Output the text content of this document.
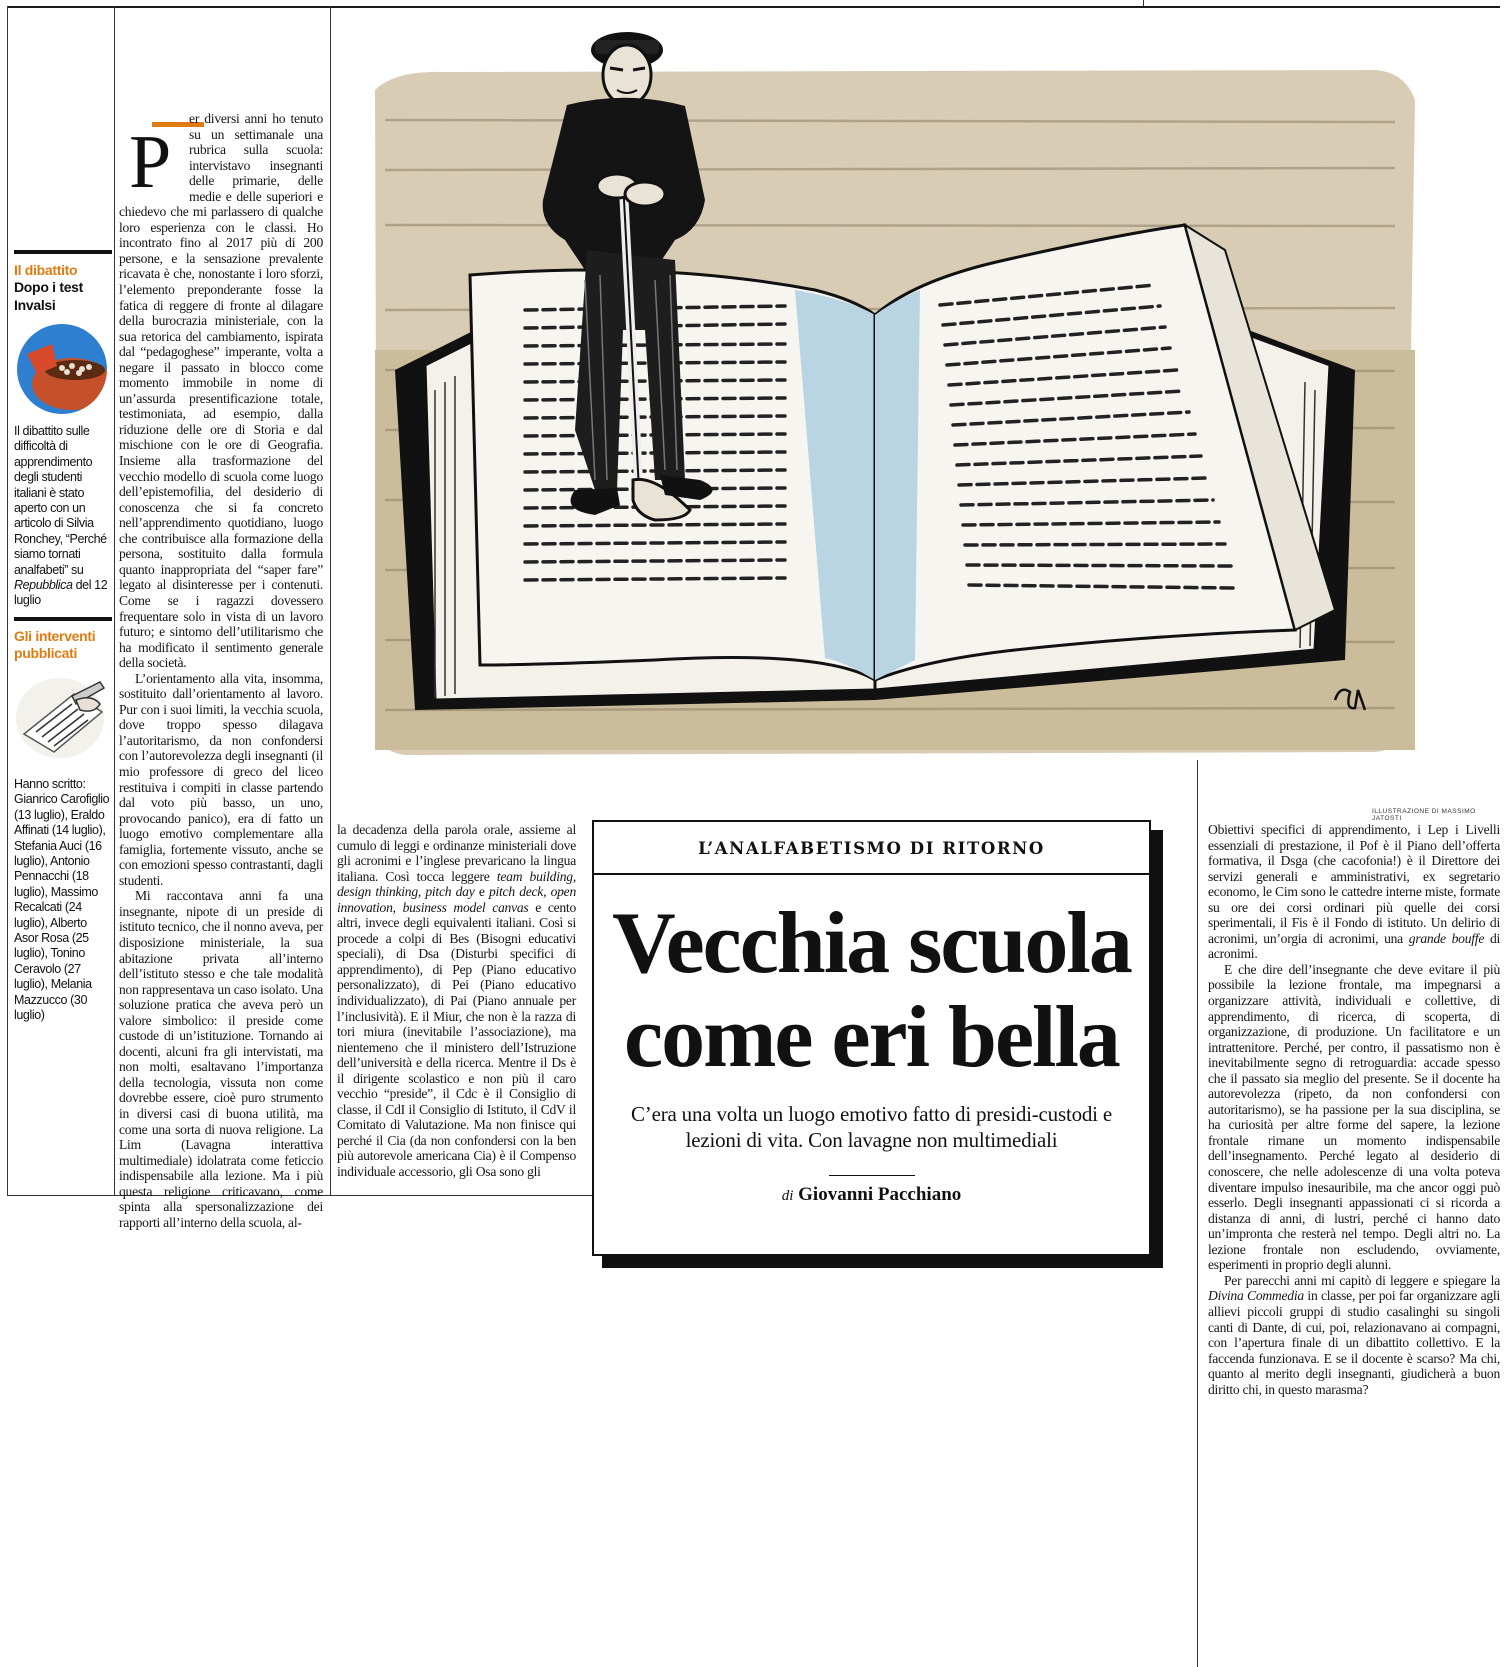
ILLUSTRAZIONE DI MASSIMO JATOSTI
Il dibattito
Dopo i test Invalsi
Il dibattito sulle difficoltà di apprendimento degli studenti italiani è stato aperto con un articolo di Silvia Ronchey, “Perché siamo tornati analfabeti” su Repubblica del 12 luglio
Gli interventi pubblicati
Hanno scritto: Gianrico Carofiglio (13 luglio), Eraldo Affinati (14 luglio), Stefania Auci (16 luglio), Antonio Pennacchi (18 luglio), Massimo Recalcati (24 luglio), Alberto Asor Rosa (25 luglio), Tonino Ceravolo (27 luglio), Melania Mazzucco (30 luglio)

P
er diversi anni ho tenuto su un settimanale una rubrica sulla scuola: intervistavo insegnanti delle primarie, delle medie e delle superiori e chiedevo che mi parlassero di qualche loro esperienza con le classi. Ho incontrato fino al 2017 più di 200 persone, e la sensazione prevalente ricavata è che, nonostante i loro sforzi, l’elemento preponderante fosse la fatica di reggere di fronte al dilagare della burocrazia ministeriale, con la sua retorica del cambiamento, ispirata dal “pedagoghese” imperante, volta a negare il passato in blocco come momento immobile in nome di un’assurda presentificazione totale, testimoniata, ad esempio, dalla riduzione delle ore di Storia e dal mischione con le ore di Geografia. Insieme alla trasformazione del vecchio modello di scuola come luogo dell’epistemofilia, del desiderio di conoscenza che si fa concreto nell’apprendimento quotidiano, luogo che contribuisce alla formazione della persona, sostituito dalla formula quanto inappropriata del “saper fare” legato al disinteresse per i contenuti. Come se i ragazzi dovessero frequentare solo in vista di un lavoro futuro; e sintomo dell’utilitarismo che ha modificato il sentimento generale della società.

L’orientamento alla vita, insomma, sostituito dall’orientamento al lavoro. Pur con i suoi limiti, la vecchia scuola, dove troppo spesso dilagava l’autoritarismo, da non confondersi con l’autorevolezza degli insegnanti (il mio professore di greco del liceo restituiva i compiti in classe partendo dal voto più basso, un uno, provocando panico), era di fatto un luogo emotivo complementare alla famiglia, fortemente vissuto, anche se con emozioni spesso contrastanti, dagli studenti.

Mi raccontava anni fa una insegnante, nipote di un preside di istituto tecnico, che il nonno aveva, per disposizione ministeriale, la sua abitazione privata all’interno dell’istituto stesso e che tale modalità non rappresentava un caso isolato. Una soluzione pratica che aveva però un valore simbolico: il preside come custode di un’istituzione. Tornando ai docenti, alcuni fra gli intervistati, ma non molti, esaltavano l’importanza della tecnologia, vissuta non come dovrebbe essere, cioè puro strumento in diversi casi di buona utilità, ma come una sorta di nuova religione. La Lim (Lavagna interattiva multimediale) idolatrata come feticcio indispensabile alla lezione. Ma i più questa religione criticavano, come spinta alla spersonalizzazione dei rapporti all’interno della scuola, al-

la decadenza della parola orale, assieme al cumulo di leggi e ordinanze ministeriali dove gli acronimi e l’inglese prevaricano la lingua italiana. Così tocca leggere team building, design thinking, pitch day e pitch deck, open innovation, business model canvas e cento altri, invece degli equivalenti italiani. Così si procede a colpi di Bes (Bisogni educativi speciali), di Dsa (Disturbi specifici di apprendimento), di Pep (Piano educativo personalizzato), di Pei (Piano educativo individualizzato), di Pai (Piano annuale per l’inclusività). E il Miur, che non è la razza di tori miura (inevitabile l’associazione), ma nientemeno che il ministero dell’Istruzione dell’università e della ricerca. Mentre il Ds è il dirigente scolastico e non più il caro vecchio “preside”, il Cdc è il Consiglio di classe, il CdI il Consiglio di Istituto, il CdV il Comitato di Valutazione. Ma non finisce qui perché il Cia (da non confondersi con la ben più autorevole americana Cia) è il Compenso individuale accessorio, gli Osa sono gli

L’ANALFABETISMO DI RITORNO
Vecchia scuola
come eri bella
C’era una volta un luogo emotivo fatto di presidi-custodi e lezioni di vita. Con lavagne non multimediali
di Giovanni Pacchiano

Obiettivi specifici di apprendimento, i Lep i Livelli essenziali di prestazione, il Pof è il Piano dell’offerta formativa, il Dsga (che cacofonia!) è il Direttore dei servizi generali e amministrativi, ex segretario economo, le Cim sono le cattedre interne miste, formate su ore dei corsi ordinari più quelle dei corsi sperimentali, il Fis è il Fondo di istituto. Un delirio di acronimi, un’orgia di acronimi, una grande bouffe di acronimi.

E che dire dell’insegnante che deve evitare il più possibile la lezione frontale, ma impegnarsi a organizzare attività, individuali e collettive, di apprendimento, di ricerca, di scoperta, di organizzazione, di produzione. Un facilitatore e un intrattenitore. Perché, per contro, il passatismo non è inevitabilmente segno di retroguardia: accade spesso che il passato sia meglio del presente. Se il docente ha autorevolezza (ripeto, da non confondersi con autoritarismo), se ha passione per la sua disciplina, se ha curiosità per altre forme del sapere, la lezione frontale rimane un momento indispensabile dell’insegnamento. Perché legato al desiderio di conoscere, che nelle adolescenze di una volta poteva diventare impulso inesauribile, ma che ancor oggi può esserlo. Degli insegnanti appassionati ci si ricorda a distanza di anni, di lustri, perché ci hanno dato un’impronta che resterà nel tempo. Degli altri no. La lezione frontale non escludendo, ovviamente, esperimenti in proprio degli alunni.

Per parecchi anni mi capitò di leggere e spiegare la Divina Commedia in classe, per poi far organizzare agli allievi piccoli gruppi di studio casalinghi su singoli canti di Dante, di cui, poi, relazionavano ai compagni, con l’apertura finale di un dibattito collettivo. E la faccenda funzionava. E se il docente è scarso? Ma chi, quanto al merito degli insegnanti, giudicherà a buon diritto chi, in questo marasma?
